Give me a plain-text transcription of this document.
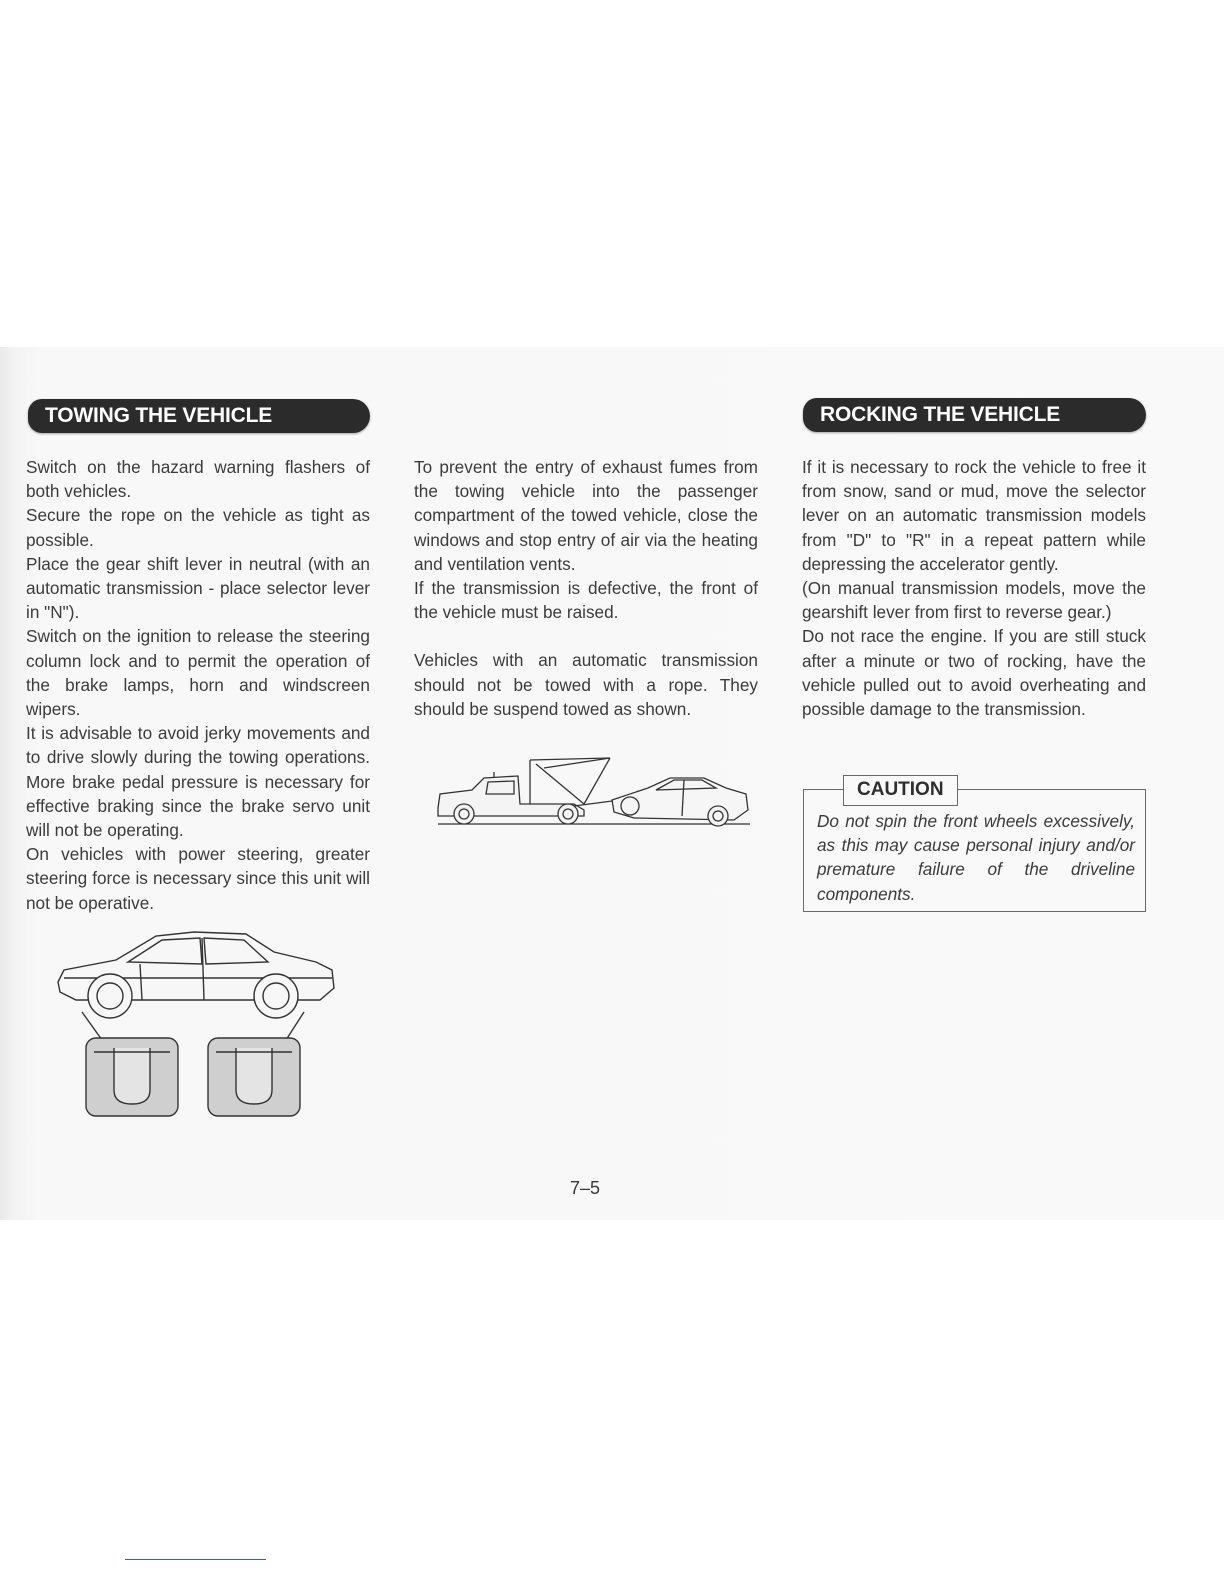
TOWING THE VEHICLE	ROCKING THE VEHICLE

Switch on the hazard warning flashers of both vehicles.

Secure the rope on the vehicle as tight as possible.

Place the gear shift lever in neutral (with an automatic transmission - place selector lever in "N").

Switch on the ignition to release the steering column lock and to permit the operation of the brake lamps, horn and windscreen wipers.

It is advisable to avoid jerky movements and to drive slowly during the towing operations. More brake pedal pressure is necessary for effective braking since the brake servo unit will not be operating.

On vehicles with power steering, greater steering force is necessary since this unit will not be operative.

To prevent the entry of exhaust fumes from the towing vehicle into the passenger compartment of the towed vehicle, close the windows and stop entry of air via the heating and ventilation vents.

If the transmission is defective, the front of the vehicle must be raised.

Vehicles with an automatic transmission should not be towed with a rope. They should be suspend towed as shown.

If it is necessary to rock the vehicle to free it from snow, sand or mud, move the selector lever on an automatic transmission models from "D" to "R" in a repeat pattern while depressing the accelerator gently.

(On manual transmission models, move the gearshift lever from first to reverse gear.)

Do not race the engine. If you are still stuck after a minute or two of rocking, have the vehicle pulled out to avoid overheating and possible damage to the transmission.

CAUTION
Do not spin the front wheels excessively, as this may cause personal injury and/or premature failure of the driveline components.
7–5
